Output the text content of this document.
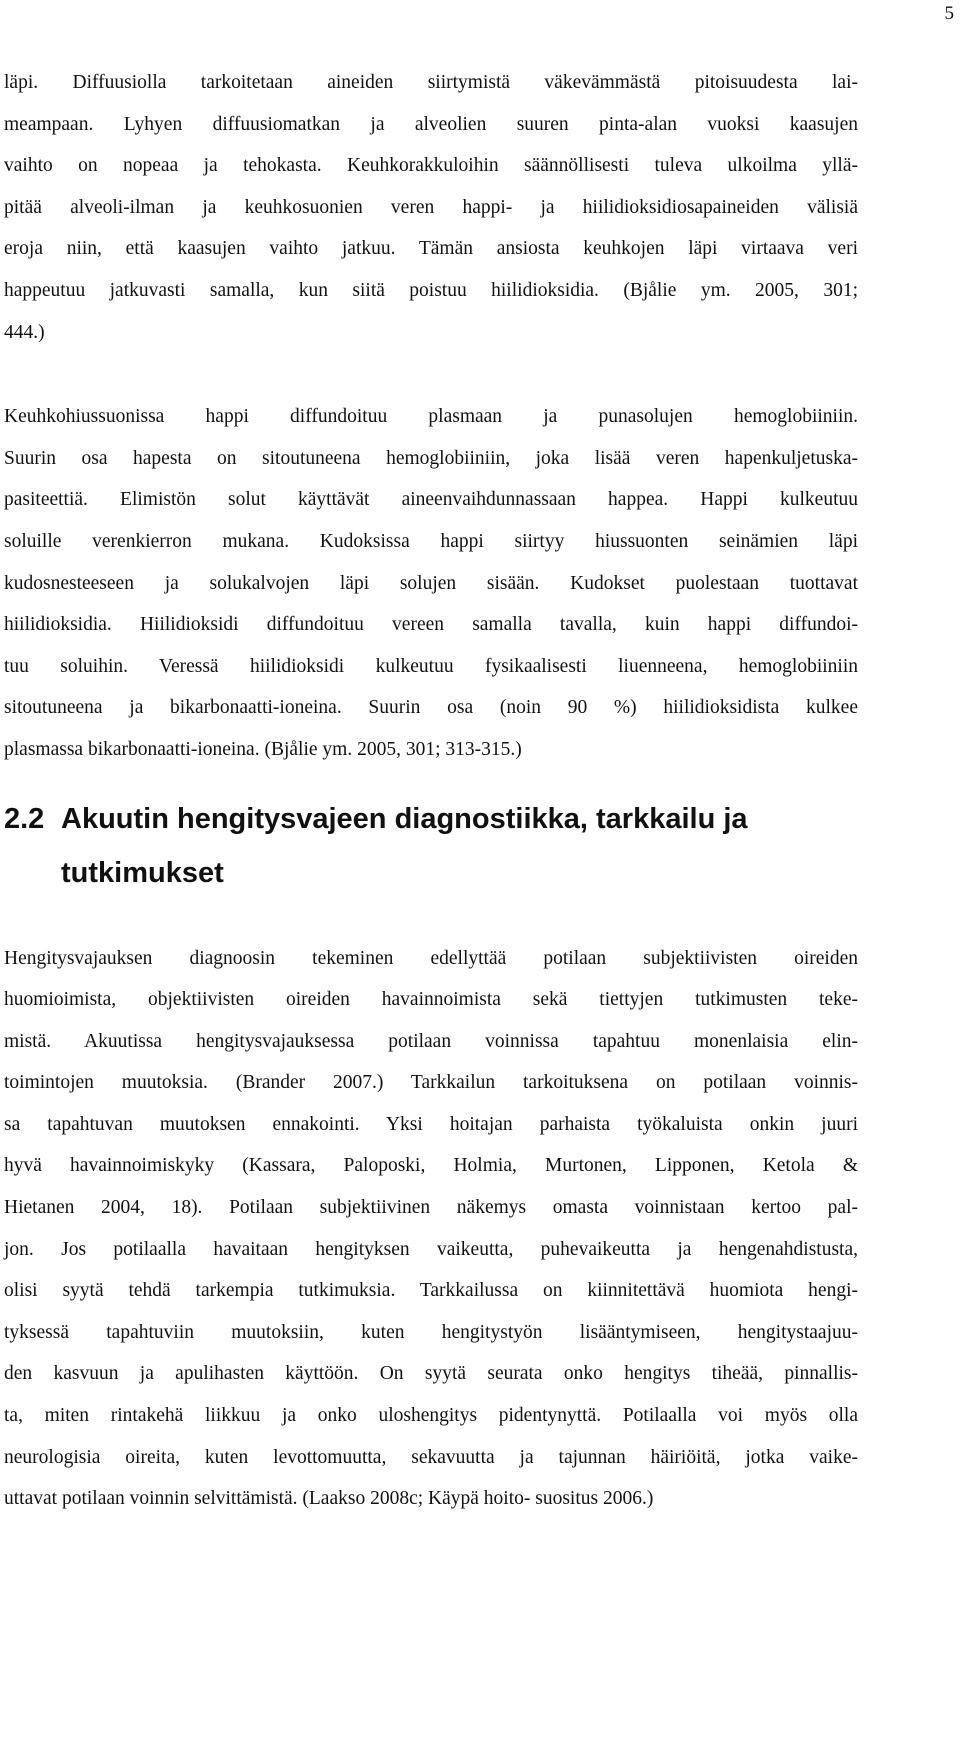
5

läpi. Diffuusiolla tarkoitetaan aineiden siirtymistä väkevämmästä pitoisuudesta lai-
meampaan. Lyhyen diffuusiomatkan ja alveolien suuren pinta-alan vuoksi kaasujen
vaihto on nopeaa ja tehokasta. Keuhkorakkuloihin säännöllisesti tuleva ulkoilma yllä-
pitää alveoli-ilman ja keuhkosuonien veren happi- ja hiilidioksidiosapaineiden välisiä
eroja niin, että kaasujen vaihto jatkuu. Tämän ansiosta keuhkojen läpi virtaava veri
happeutuu jatkuvasti samalla, kun siitä poistuu hiilidioksidia. (Bjålie ym. 2005, 301;
444.)

Keuhkohiussuonissa happi diffundoituu plasmaan ja punasolujen hemoglobiiniin.
Suurin osa hapesta on sitoutuneena hemoglobiiniin, joka lisää veren hapenkuljetuska-
pasiteettiä. Elimistön solut käyttävät aineenvaihdunnassaan happea. Happi kulkeutuu
soluille verenkierron mukana. Kudoksissa happi siirtyy hiussuonten seinämien läpi
kudosnesteeseen ja solukalvojen läpi solujen sisään. Kudokset puolestaan tuottavat
hiilidioksidia. Hiilidioksidi diffundoituu vereen samalla tavalla, kuin happi diffundoi-
tuu soluihin. Veressä hiilidioksidi kulkeutuu fysikaalisesti liuenneena, hemoglobiiniin
sitoutuneena ja bikarbonaatti-ioneina. Suurin osa (noin 90 %) hiilidioksidista kulkee
plasmassa bikarbonaatti-ioneina. (Bjålie ym. 2005, 301; 313-315.)

2.2 Akuutin hengitysvajeen diagnostiikka, tarkkailu ja
tutkimukset

Hengitysvajauksen diagnoosin tekeminen edellyttää potilaan subjektiivisten oireiden
huomioimista, objektiivisten oireiden havainnoimista sekä tiettyjen tutkimusten teke-
mistä. Akuutissa hengitysvajauksessa potilaan voinnissa tapahtuu monenlaisia elin-
toimintojen muutoksia. (Brander 2007.) Tarkkailun tarkoituksena on potilaan voinnis-
sa tapahtuvan muutoksen ennakointi. Yksi hoitajan parhaista työkaluista onkin juuri
hyvä havainnoimiskyky (Kassara, Paloposki, Holmia, Murtonen, Lipponen, Ketola &
Hietanen 2004, 18). Potilaan subjektiivinen näkemys omasta voinnistaan kertoo pal-
jon. Jos potilaalla havaitaan hengityksen vaikeutta, puhevaikeutta ja hengenahdistusta,
olisi syytä tehdä tarkempia tutkimuksia. Tarkkailussa on kiinnitettävä huomiota hengi-
tyksessä tapahtuviin muutoksiin, kuten hengitystyön lisääntymiseen, hengitystaajuu-
den kasvuun ja apulihasten käyttöön. On syytä seurata onko hengitys tiheää, pinnallis-
ta, miten rintakehä liikkuu ja onko uloshengitys pidentynyttä. Potilaalla voi myös olla
neurologisia oireita, kuten levottomuutta, sekavuutta ja tajunnan häiriöitä, jotka vaike-
uttavat potilaan voinnin selvittämistä. (Laakso 2008c; Käypä hoito- suositus 2006.)
